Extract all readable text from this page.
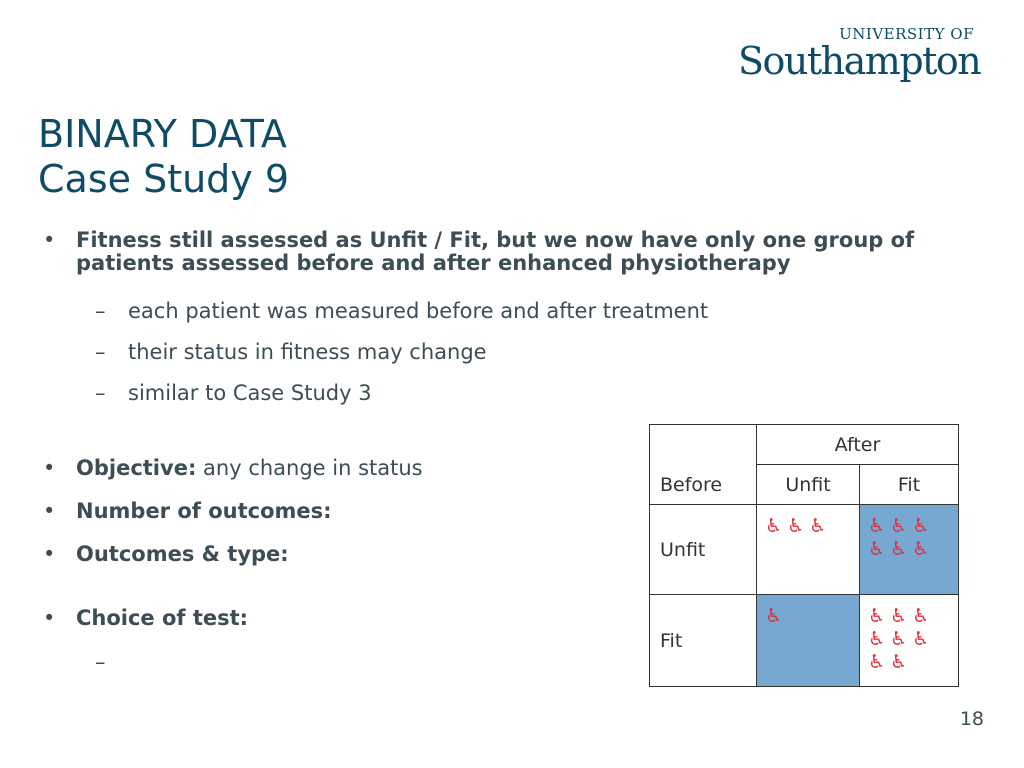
UNIVERSITY OF
Southampton
BINARY DATA
Case Study 9
• Fitness still assessed as Unfit / Fit, but we now have only one group of patients assessed before and after enhanced physiotherapy
– each patient was measured before and after treatment
– their status in fitness may change
– similar to Case Study 3
• Objective: any change in status
• Number of outcomes:
• Outcomes & type:
• Choice of test:
–
Before	After	
	Unfit	Fit
Unfit	♿ ♿ ♿	♿ ♿ ♿
♿ ♿ ♿
Fit	♿	♿ ♿ ♿
♿ ♿ ♿
♿ ♿
18
